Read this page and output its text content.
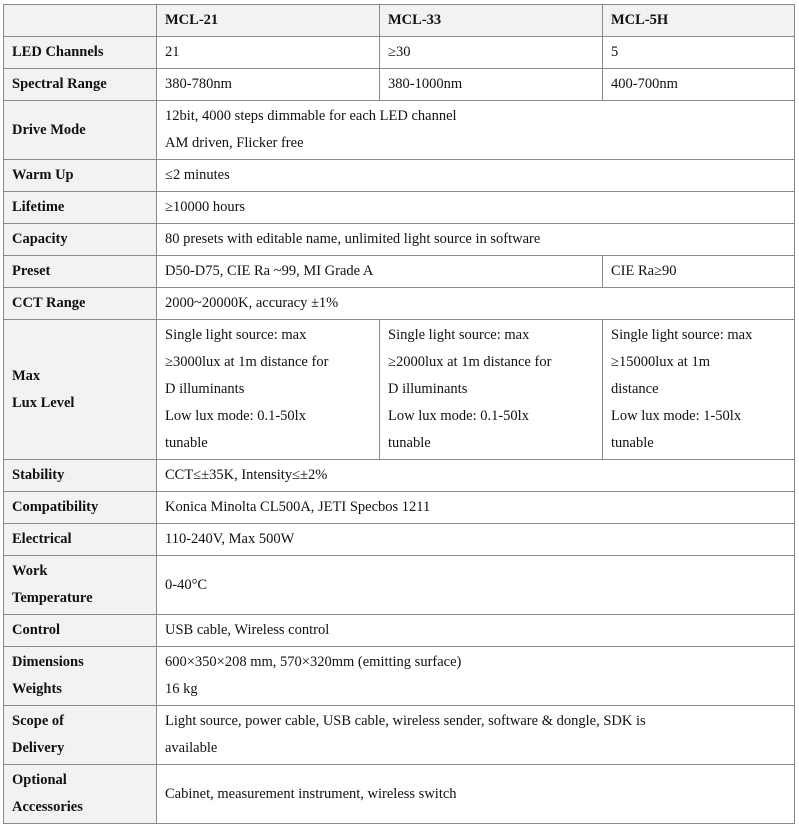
	MCL-21	MCL-33	MCL-5H
LED Channels	21	≥30	5
Spectral Range	380-780nm	380-1000nm	400-700nm
Drive Mode	12bit, 4000 steps dimmable for each LED channel
AM driven, Flicker free		

Warm Up	≤2 minutes		
Lifetime	≥10000 hours		
Capacity	80 presets with editable name, unlimited light source in software		
Preset	D50-D75, CIE Ra ~99, MI Grade A		CIE Ra≥90
CCT Range	2000~20000K, accuracy ±1%		

Max
Lux Level	Single light source: max
≥3000lux at 1m distance for
D illuminants
Low lux mode: 0.1-50lx
tunable	Single light source: max
≥2000lux at 1m distance for
D illuminants
Low lux mode: 0.1-50lx
tunable	Single light source: max
≥15000lux at 1m
distance
Low lux mode: 1-50lx
tunable

Stability	CCT≤±35K, Intensity≤±2%		
Compatibility	Konica Minolta CL500A, JETI Specbos 1211		
Electrical	110-240V, Max 500W		

Work
Temperature	0-40°C		
Control	USB cable, Wireless control		

Dimensions
Weights	600×350×208 mm, 570×320mm (emitting surface)
16 kg		

Scope of
Delivery	Light source, power cable, USB cable, wireless sender, software & dongle, SDK is
available		

Optional
Accessories	Cabinet, measurement instrument, wireless switch		
